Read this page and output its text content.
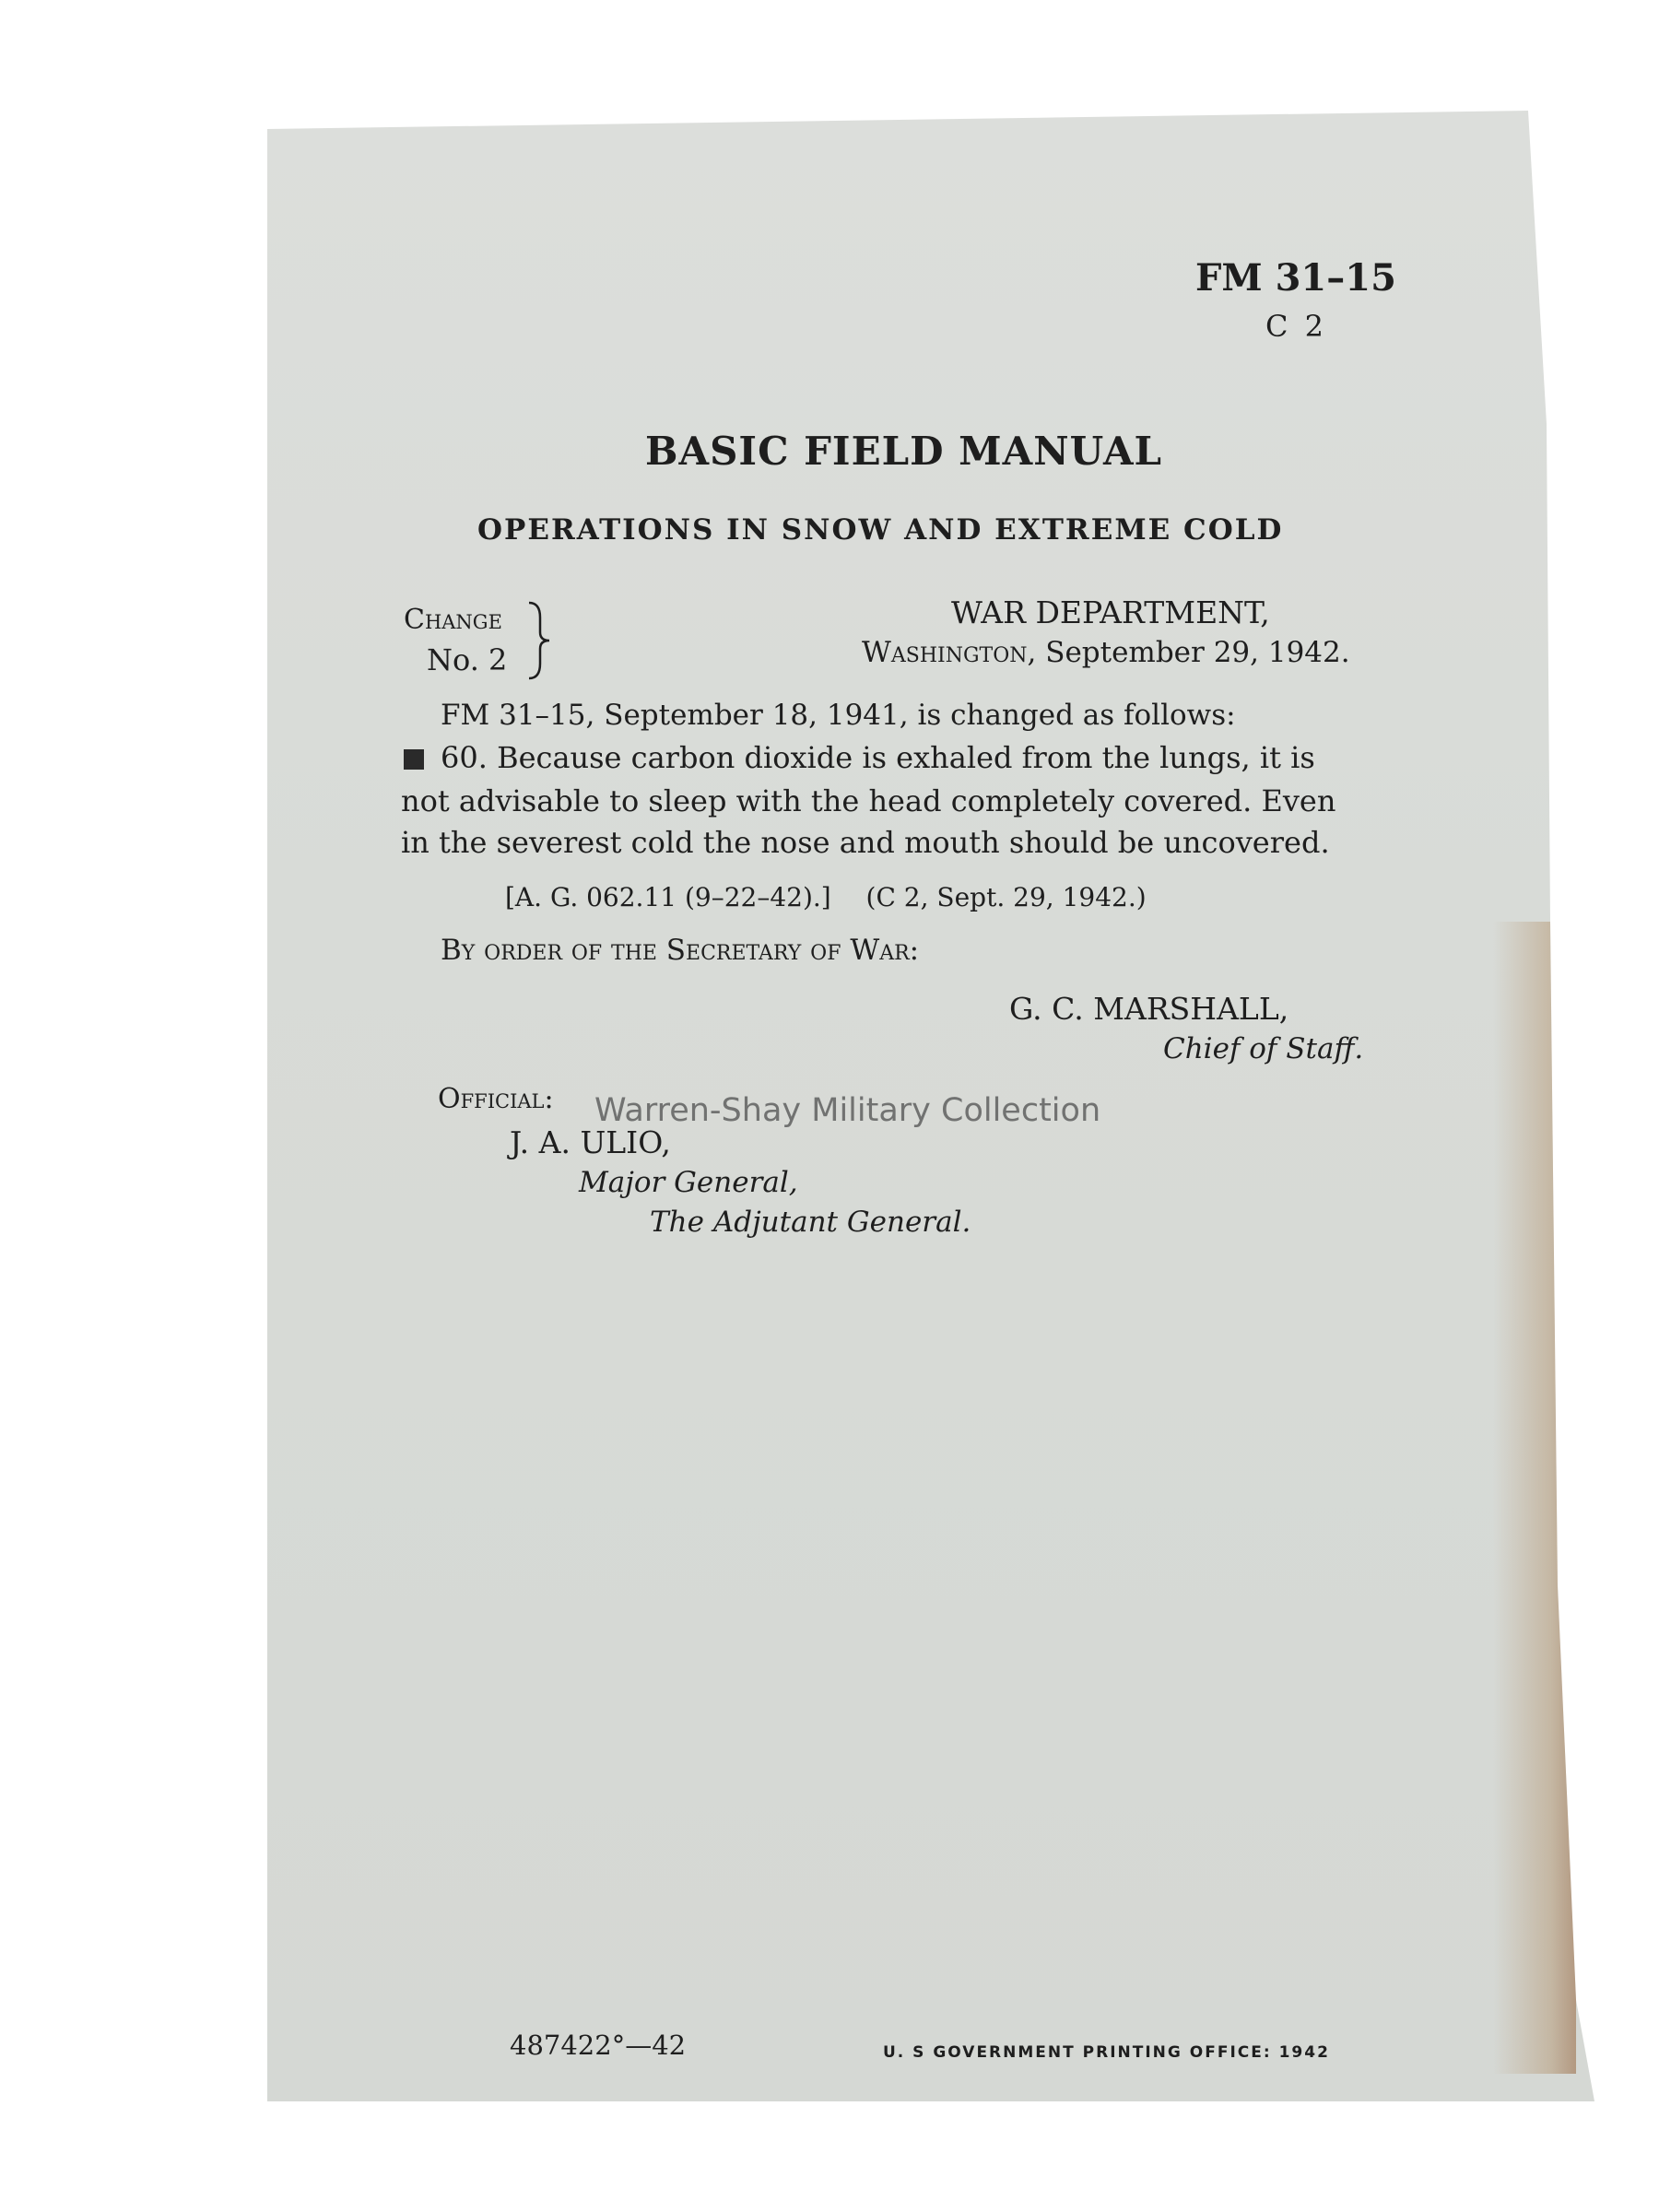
FM 31–15
C 2
BASIC FIELD MANUAL
OPERATIONS IN SNOW AND EXTREME COLD
Change
No. 2
WAR DEPARTMENT,
Washington, September 29, 1942.
FM 31–15, September 18, 1941, is changed as follows:
60. Because carbon dioxide is exhaled from the lungs, it is
not advisable to sleep with the head completely covered. Even
in the severest cold the nose and mouth should be uncovered.
[A. G. 062.11 (9–22–42).] (C 2, Sept. 29, 1942.)
By order of the Secretary of War:
G. C. MARSHALL,
Chief of Staff.
Official:
J. A. ULIO,
Major General,
The Adjutant General.
Warren-Shay Military Collection
487422°—42	U. S GOVERNMENT PRINTING OFFICE: 1942
